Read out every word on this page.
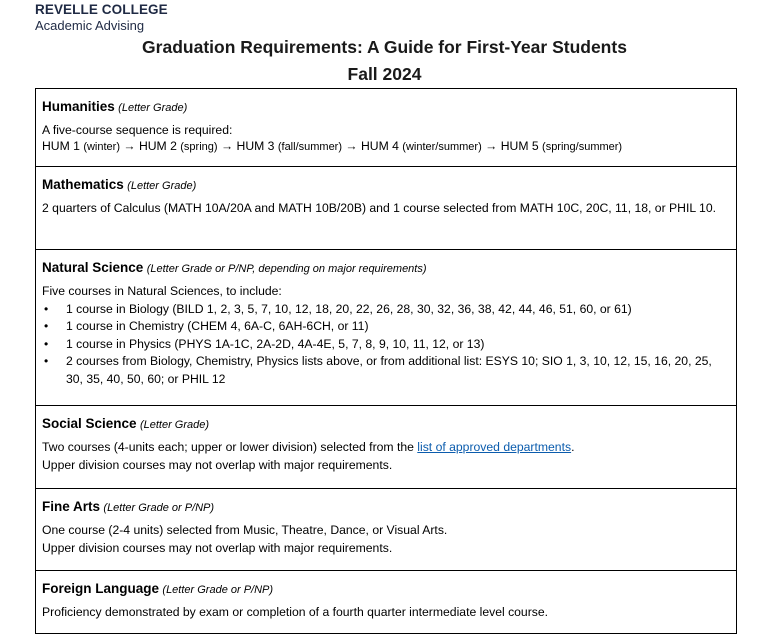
REVELLE COLLEGE
Academic Advising
Graduation Requirements: A Guide for First-Year Students
Fall 2024
Humanities (Letter Grade)
A five-course sequence is required:
HUM 1 (winter) → HUM 2 (spring) → HUM 3 (fall/summer) → HUM 4 (winter/summer) → HUM 5 (spring/summer)
Mathematics (Letter Grade)
2 quarters of Calculus (MATH 10A/20A and MATH 10B/20B) and 1 course selected from MATH 10C, 20C, 11, 18, or PHIL 10.
Natural Science (Letter Grade or P/NP, depending on major requirements)
Five courses in Natural Sciences, to include:
• 1 course in Biology (BILD 1, 2, 3, 5, 7, 10, 12, 18, 20, 22, 26, 28, 30, 32, 36, 38, 42, 44, 46, 51, 60, or 61)
• 1 course in Chemistry (CHEM 4, 6A-C, 6AH-6CH, or 11)
• 1 course in Physics (PHYS 1A-1C, 2A-2D, 4A-4E, 5, 7, 8, 9, 10, 11, 12, or 13)
• 2 courses from Biology, Chemistry, Physics lists above, or from additional list: ESYS 10; SIO 1, 3, 10, 12, 15, 16, 20, 25, 30, 35, 40, 50, 60; or PHIL 12
Social Science (Letter Grade)
Two courses (4-units each; upper or lower division) selected from the list of approved departments.
Upper division courses may not overlap with major requirements.
Fine Arts (Letter Grade or P/NP)
One course (2-4 units) selected from Music, Theatre, Dance, or Visual Arts.
Upper division courses may not overlap with major requirements.
Foreign Language (Letter Grade or P/NP)
Proficiency demonstrated by exam or completion of a fourth quarter intermediate level course.
